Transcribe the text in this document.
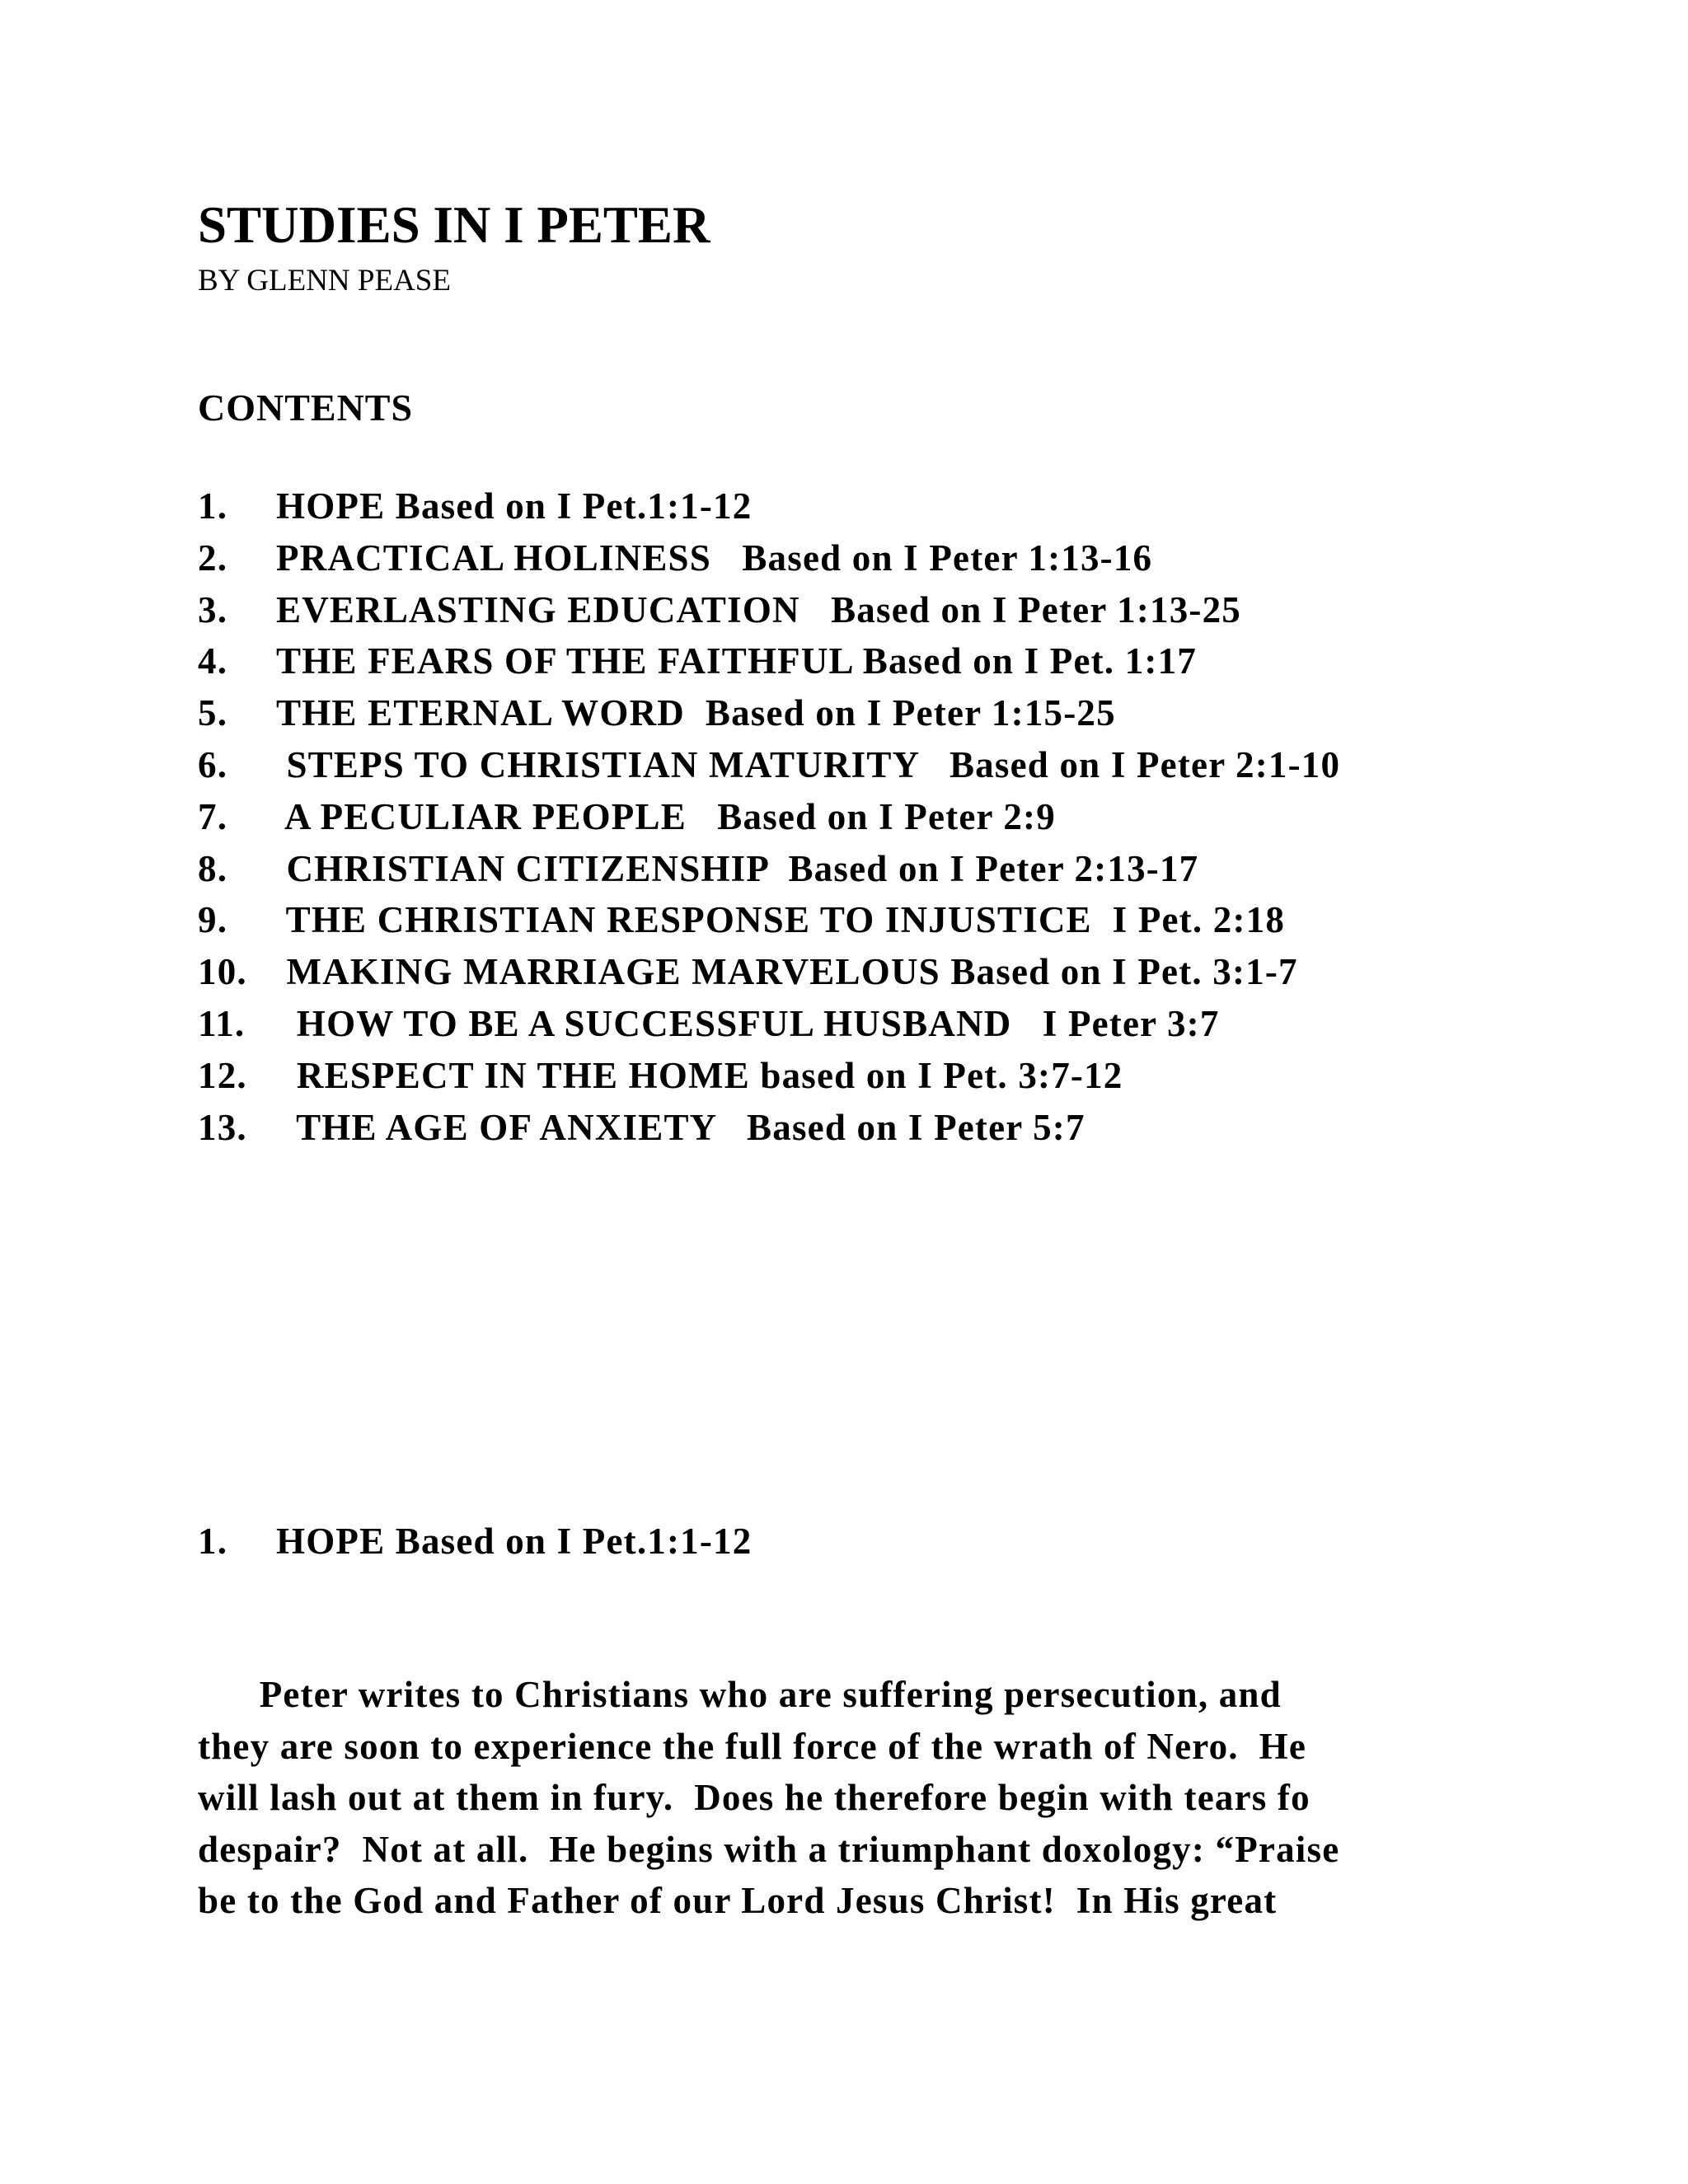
STUDIES IN I PETER
BY GLENN PEASE
CONTENTS
1. HOPE Based on I Pet.1:1-12
2. PRACTICAL HOLINESS   Based on I Peter 1:13-16
3. EVERLASTING EDUCATION   Based on I Peter 1:13-25
4. THE FEARS OF THE FAITHFUL Based on I Pet. 1:17
5. THE ETERNAL WORD  Based on I Peter 1:15-25
6. STEPS TO CHRISTIAN MATURITY   Based on I Peter 2:1-10
7. A PECULIAR PEOPLE   Based on I Peter 2:9
8. CHRISTIAN CITIZENSHIP  Based on I Peter 2:13-17
9. THE CHRISTIAN RESPONSE TO INJUSTICE  I Pet. 2:18
10. MAKING MARRIAGE MARVELOUS Based on I Pet. 3:1-7
11.  HOW TO BE A SUCCESSFUL HUSBAND   I Peter 3:7
12.  RESPECT IN THE HOME based on I Pet. 3:7-12
13.  THE AGE OF ANXIETY   Based on I Peter 5:7
1. HOPE Based on I Pet.1:1-12
Peter writes to Christians who are suffering persecution, and
they are soon to experience the full force of the wrath of Nero.  He
will lash out at them in fury.  Does he therefore begin with tears fo
despair?  Not at all.  He begins with a triumphant doxology: “Praise
be to the God and Father of our Lord Jesus Christ!  In His great
